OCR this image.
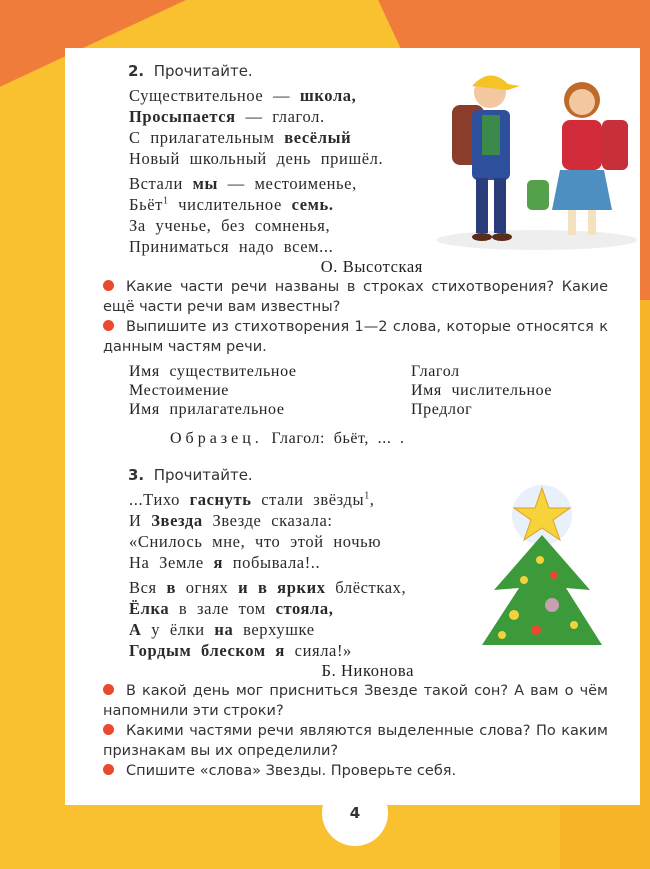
2. Прочитайте.
Существительное — школа,
Просыпается — глагол.
С прилагательным весёлый
Новый школьный день пришёл.
Встали мы — местоименье,
Бьёт$^1$ числительное семь.
За ученье, без сомненья,
Приниматься надо всем...
О. Высотская
Какие части речи названы в строках стихотворения? Какие ещё части речи вам известны?
Выпишите из стихотворения 1—2 слова, которые относятся к данным частям речи.
Имя существительное
Местоимение
Имя прилагательное
Глагол
Имя числительное
Предлог
Образец. Глагол: бьёт, ... .
3. Прочитайте.
...Тихо гаснуть стали звёзды$^1$,
И Звезда Звезде сказала:
«Снилось мне, что этой ночью
На Земле я побывала!..
Вся в огнях и в ярких блёстках,
Ёлка в зале том стояла,
А у ёлки на верхушке
Гордым блеском я сияла!»
Б. Никонова
В какой день мог присниться Звезде такой сон? А вам о чём напомнили эти строки?
Какими частями речи являются выделенные слова? По каким признакам вы их определили?
Спишите «слова» Звезды. Проверьте себя.
4
